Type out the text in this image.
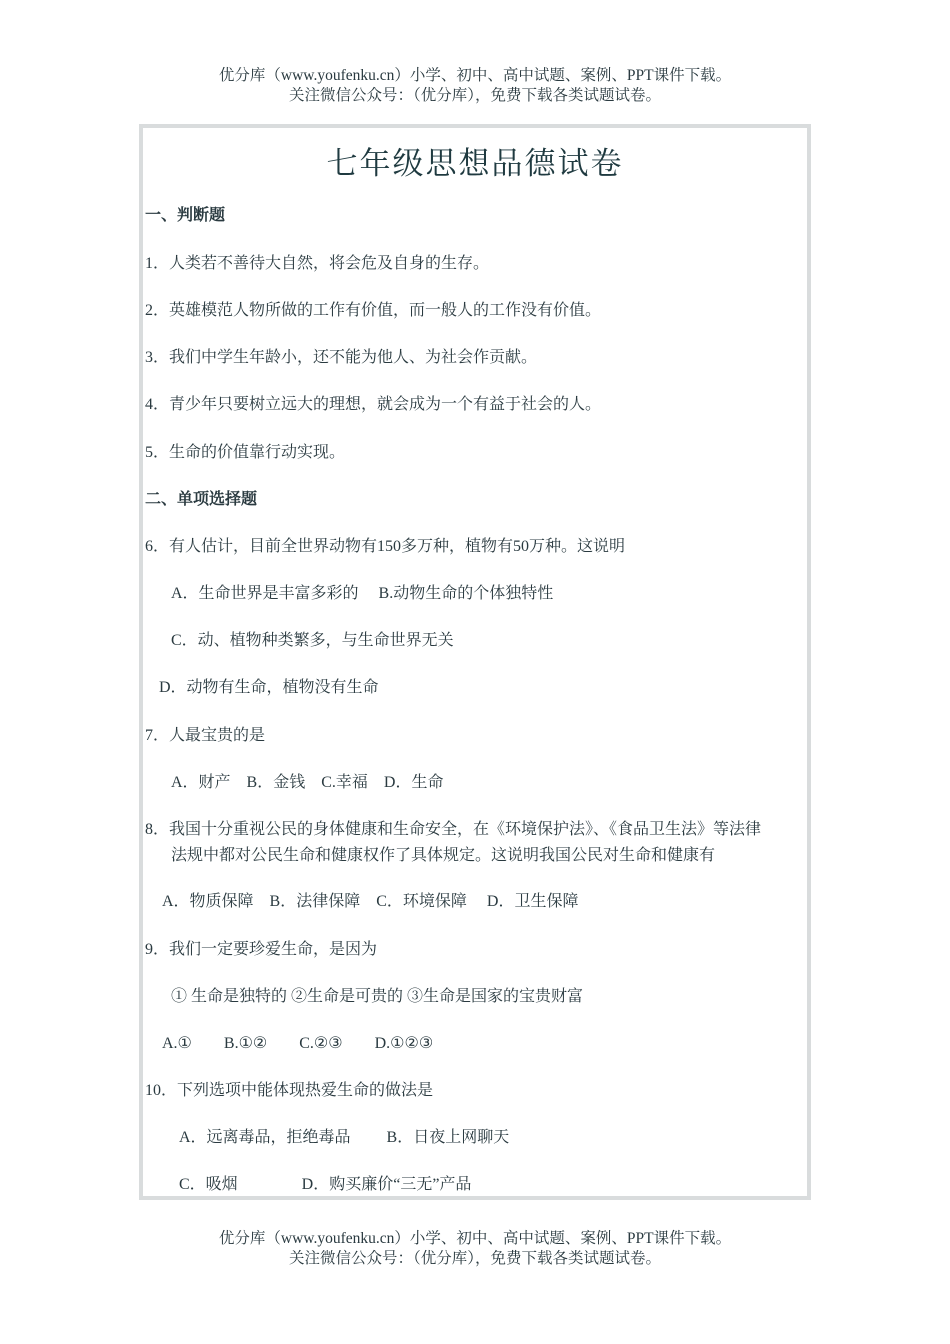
优分库（www.youfenku.cn）小学、初中、高中试题、案例、PPT课件下载。
关注微信公众号：（优分库），免费下载各类试题试卷。
七年级思想品德试卷
一、判断题
1．人类若不善待大自然，将会危及自身的生存。
2．英雄模范人物所做的工作有价值，而一般人的工作没有价值。
3．我们中学生年龄小，还不能为他人、为社会作贡献。
4．青少年只要树立远大的理想，就会成为一个有益于社会的人。
5．生命的价值靠行动实现。
二、单项选择题
6．有人估计，目前全世界动物有150多万种，植物有50万种。这说明
A．生命世界是丰富多彩的　 B.动物生命的个体独特性
C．动、植物种类繁多，与生命世界无关
D．动物有生命，植物没有生命
7．人最宝贵的是
A．财产　B．金钱　C.幸福　D．生命
8．我国十分重视公民的身体健康和生命安全，在《环境保护法》、《食品卫生法》等法律
法规中都对公民生命和健康权作了具体规定。这说明我国公民对生命和健康有
A．物质保障　B．法律保障　C．环境保障　 D．卫生保障
9．我们一定要珍爱生命，是因为
① 生命是独特的 ②生命是可贵的 ③生命是国家的宝贵财富
A.①　　B.①②　　C.②③　　D.①②③
10．下列选项中能体现热爱生命的做法是
A．远离毒品，拒绝毒品　　 B．日夜上网聊天
C．吸烟　　　　D．购买廉价“三无”产品
优分库（www.youfenku.cn）小学、初中、高中试题、案例、PPT课件下载。
关注微信公众号：（优分库），免费下载各类试题试卷。
